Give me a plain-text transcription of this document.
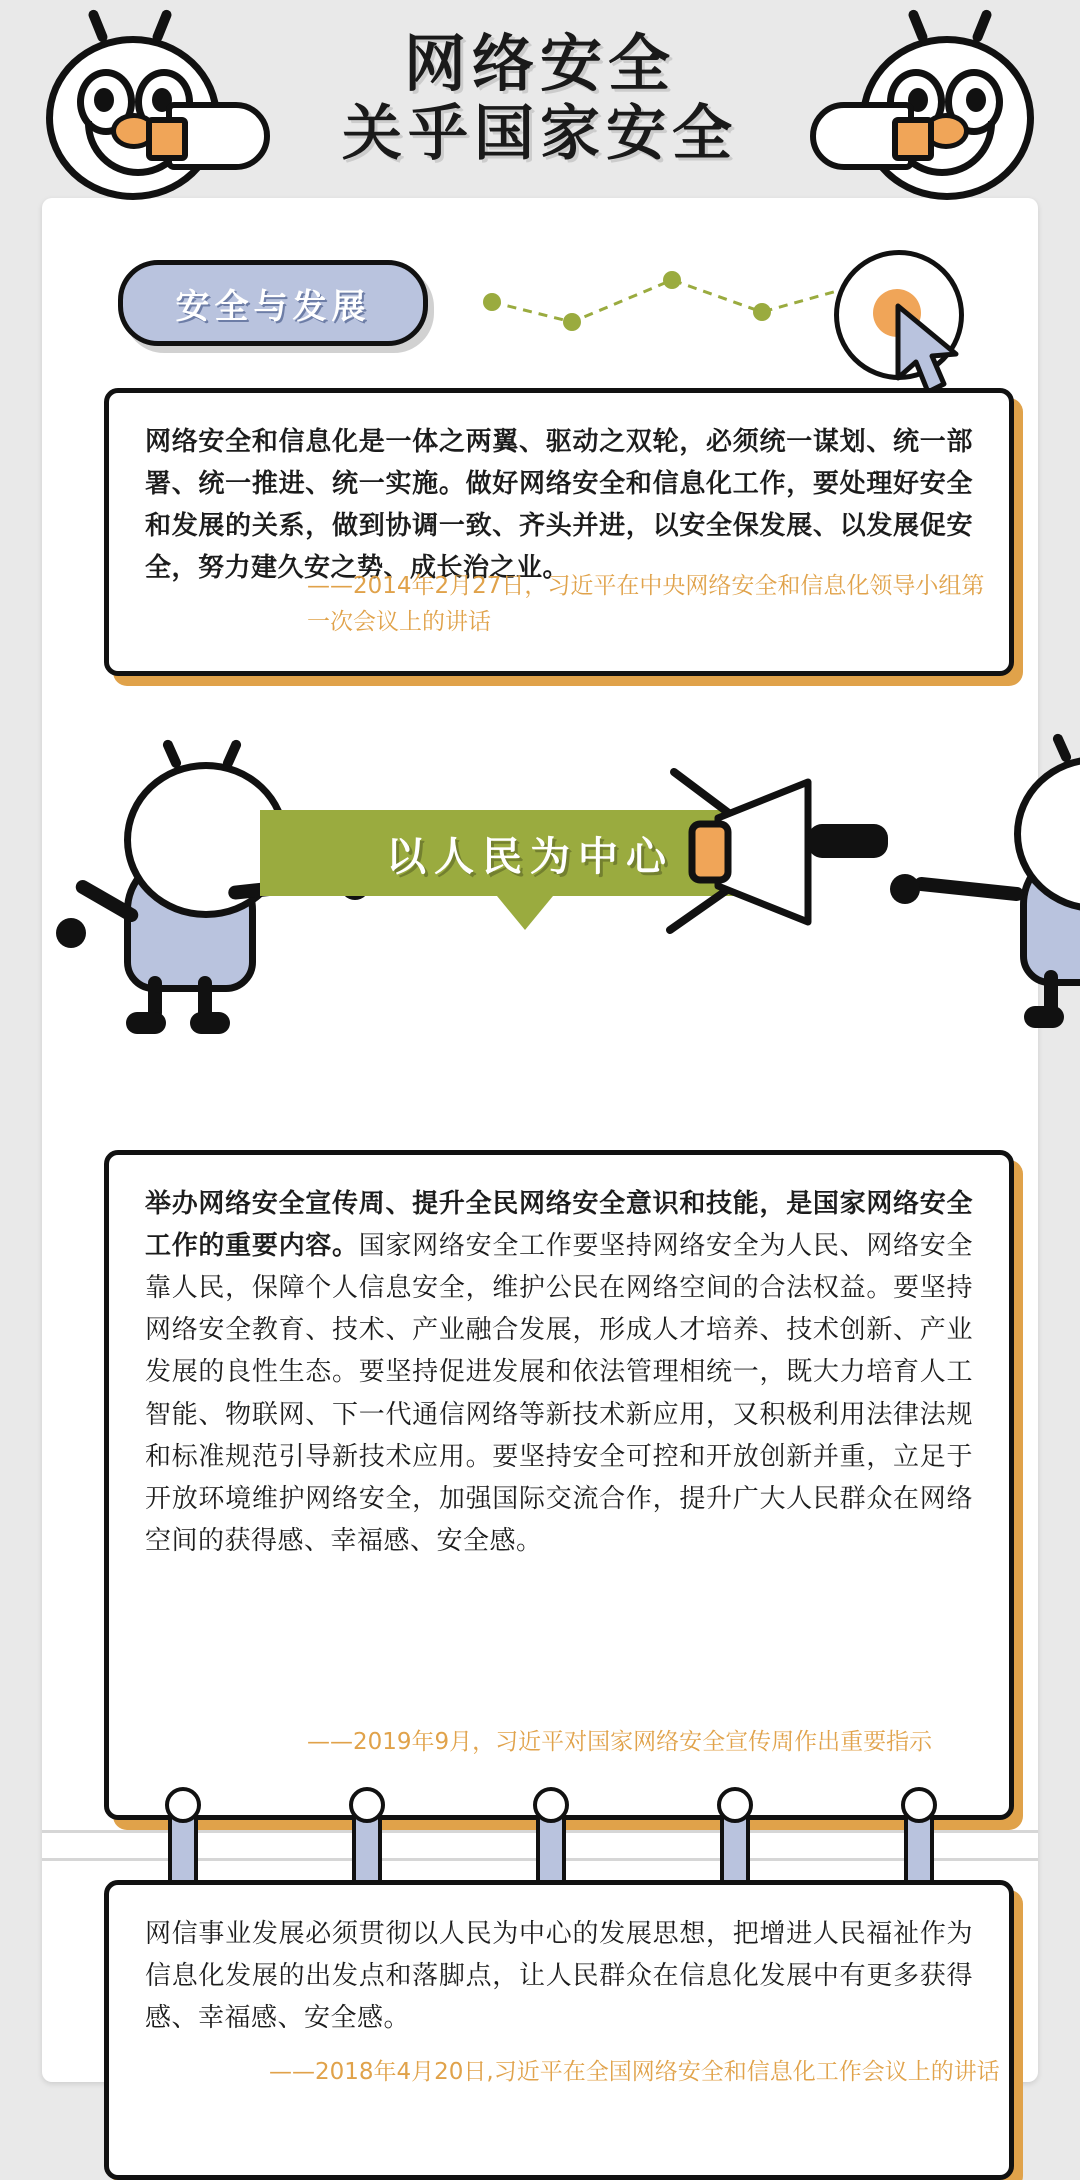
网络安全
关乎国家安全
安全与发展
网络安全和信息化是一体之两翼、驱动之双轮，必须统一谋划、统一部署、统一推进、统一实施。做好网络安全和信息化工作，要处理好安全和发展的关系，做到协调一致、齐头并进，以安全保发展、以发展促安全，努力建久安之势、成长治之业。
——2014年2月27日，习近平在中央网络安全和信息化领导小组第一次会议上的讲话
以人民为中心
举办网络安全宣传周、提升全民网络安全意识和技能，是国家网络安全工作的重要内容。国家网络安全工作要坚持网络安全为人民、网络安全靠人民，保障个人信息安全，维护公民在网络空间的合法权益。要坚持网络安全教育、技术、产业融合发展，形成人才培养、技术创新、产业发展的良性生态。要坚持促进发展和依法管理相统一，既大力培育人工智能、物联网、下一代通信网络等新技术新应用，又积极利用法律法规和标准规范引导新技术应用。要坚持安全可控和开放创新并重，立足于开放环境维护网络安全，加强国际交流合作，提升广大人民群众在网络空间的获得感、幸福感、安全感。
——2019年9月，习近平对国家网络安全宣传周作出重要指示
网信事业发展必须贯彻以人民为中心的发展思想，把增进人民福祉作为信息化发展的出发点和落脚点，让人民群众在信息化发展中有更多获得感、幸福感、安全感。
——2018年4月20日,习近平在全国网络安全和信息化工作会议上的讲话
